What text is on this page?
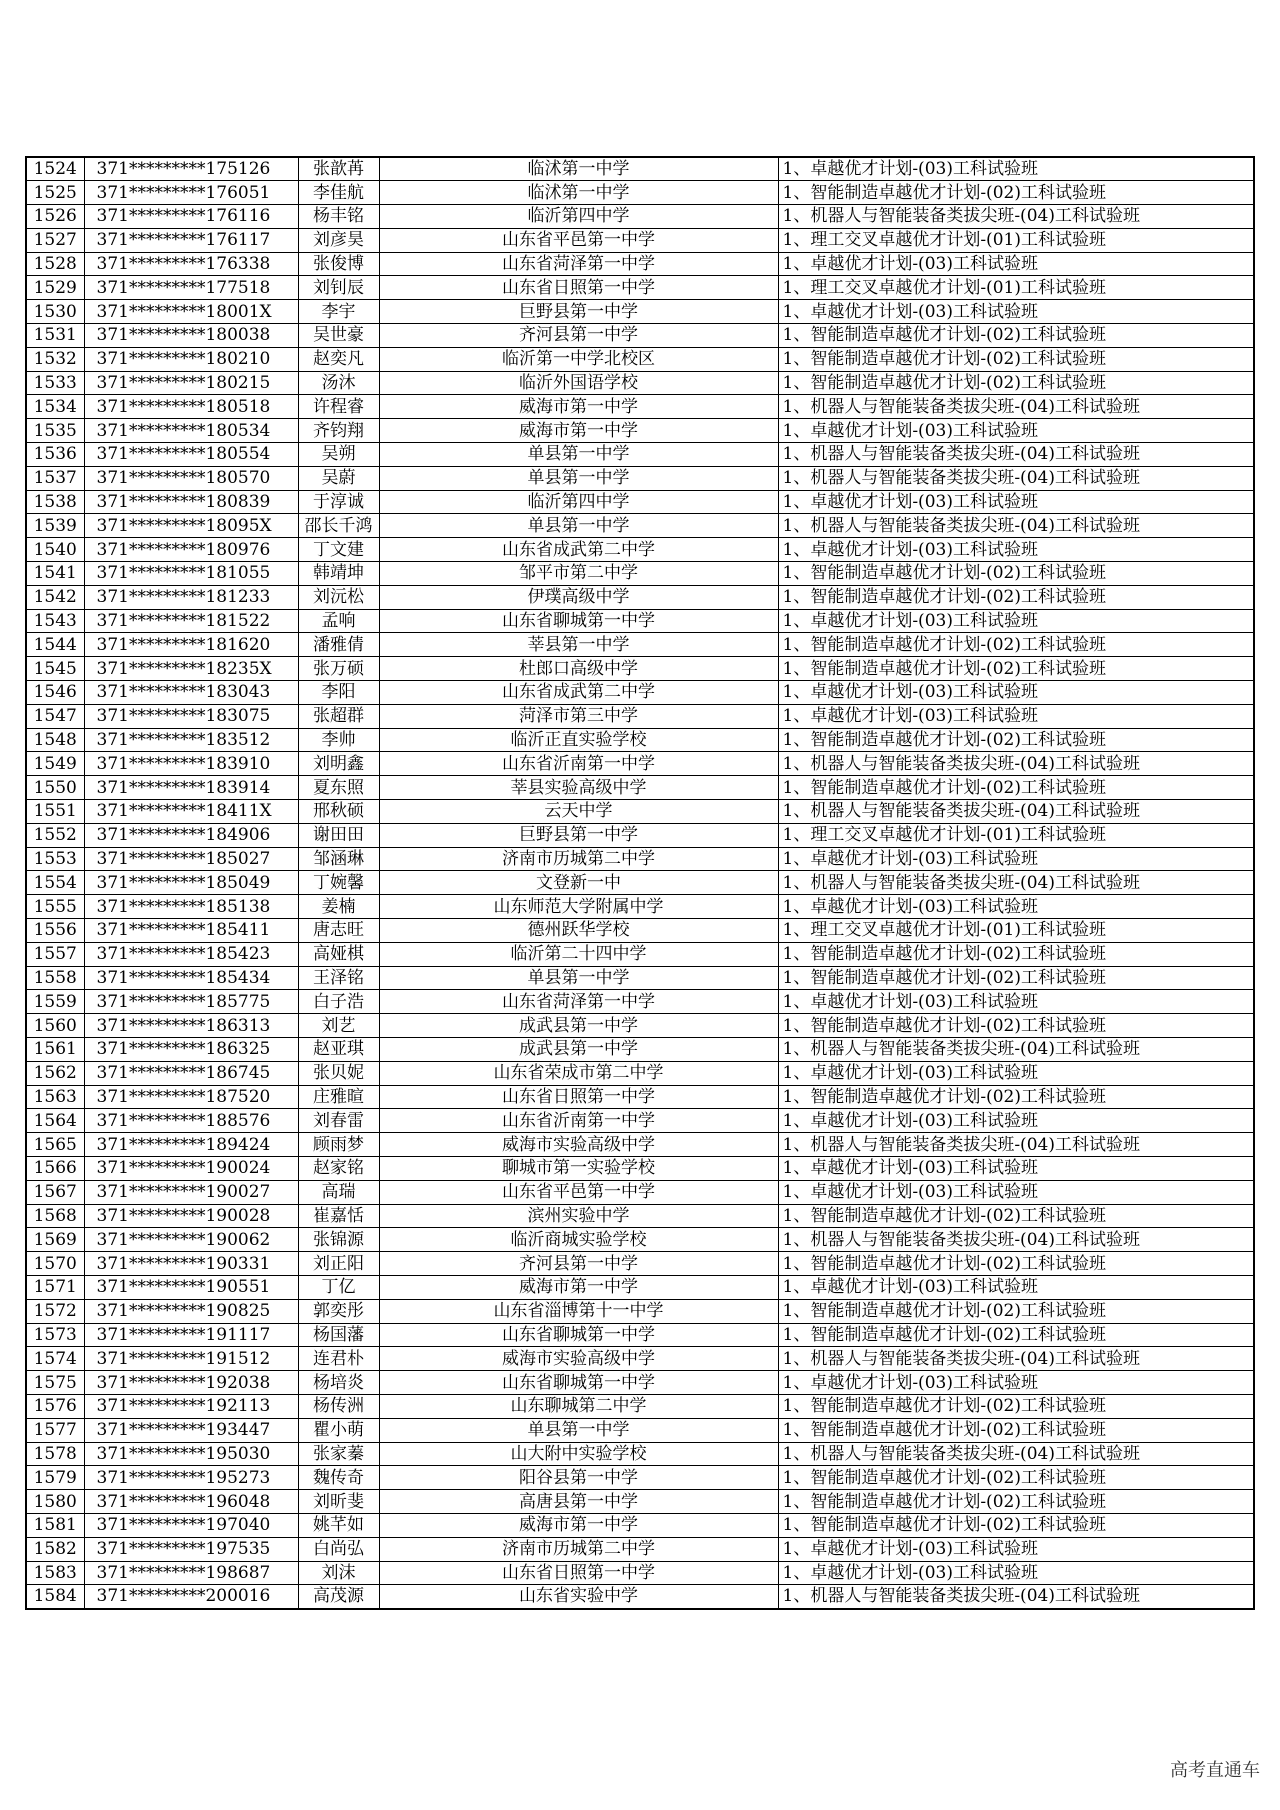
1524	371*********175126	张歆苒	临沭第一中学	1、卓越优才计划-(03)工科试验班
1525	371*********176051	李佳航	临沭第一中学	1、智能制造卓越优才计划-(02)工科试验班
1526	371*********176116	杨丰铭	临沂第四中学	1、机器人与智能装备类拔尖班-(04)工科试验班
1527	371*********176117	刘彦昊	山东省平邑第一中学	1、理工交叉卓越优才计划-(01)工科试验班
1528	371*********176338	张俊博	山东省菏泽第一中学	1、卓越优才计划-(03)工科试验班
1529	371*********177518	刘钊辰	山东省日照第一中学	1、理工交叉卓越优才计划-(01)工科试验班
1530	371*********18001X	李宇	巨野县第一中学	1、卓越优才计划-(03)工科试验班
1531	371*********180038	吴世豪	齐河县第一中学	1、智能制造卓越优才计划-(02)工科试验班
1532	371*********180210	赵奕凡	临沂第一中学北校区	1、智能制造卓越优才计划-(02)工科试验班
1533	371*********180215	汤沐	临沂外国语学校	1、智能制造卓越优才计划-(02)工科试验班
1534	371*********180518	许程睿	威海市第一中学	1、机器人与智能装备类拔尖班-(04)工科试验班
1535	371*********180534	齐钧翔	威海市第一中学	1、卓越优才计划-(03)工科试验班
1536	371*********180554	吴朔	单县第一中学	1、机器人与智能装备类拔尖班-(04)工科试验班
1537	371*********180570	吴蔚	单县第一中学	1、机器人与智能装备类拔尖班-(04)工科试验班
1538	371*********180839	于淳诚	临沂第四中学	1、卓越优才计划-(03)工科试验班
1539	371*********18095X	邵长千鸿	单县第一中学	1、机器人与智能装备类拔尖班-(04)工科试验班
1540	371*********180976	丁文建	山东省成武第二中学	1、卓越优才计划-(03)工科试验班
1541	371*********181055	韩靖坤	邹平市第二中学	1、智能制造卓越优才计划-(02)工科试验班
1542	371*********181233	刘沅松	伊璞高级中学	1、智能制造卓越优才计划-(02)工科试验班
1543	371*********181522	孟响	山东省聊城第一中学	1、卓越优才计划-(03)工科试验班
1544	371*********181620	潘雅倩	莘县第一中学	1、智能制造卓越优才计划-(02)工科试验班
1545	371*********18235X	张万硕	杜郎口高级中学	1、智能制造卓越优才计划-(02)工科试验班
1546	371*********183043	李阳	山东省成武第二中学	1、卓越优才计划-(03)工科试验班
1547	371*********183075	张超群	菏泽市第三中学	1、卓越优才计划-(03)工科试验班
1548	371*********183512	李帅	临沂正直实验学校	1、智能制造卓越优才计划-(02)工科试验班
1549	371*********183910	刘明鑫	山东省沂南第一中学	1、机器人与智能装备类拔尖班-(04)工科试验班
1550	371*********183914	夏东照	莘县实验高级中学	1、智能制造卓越优才计划-(02)工科试验班
1551	371*********18411X	邢秋硕	云天中学	1、机器人与智能装备类拔尖班-(04)工科试验班
1552	371*********184906	谢田田	巨野县第一中学	1、理工交叉卓越优才计划-(01)工科试验班
1553	371*********185027	邹涵琳	济南市历城第二中学	1、卓越优才计划-(03)工科试验班
1554	371*********185049	丁婉馨	文登新一中	1、机器人与智能装备类拔尖班-(04)工科试验班
1555	371*********185138	姜楠	山东师范大学附属中学	1、卓越优才计划-(03)工科试验班
1556	371*********185411	唐志旺	德州跃华学校	1、理工交叉卓越优才计划-(01)工科试验班
1557	371*********185423	高娅棋	临沂第二十四中学	1、智能制造卓越优才计划-(02)工科试验班
1558	371*********185434	王泽铭	单县第一中学	1、智能制造卓越优才计划-(02)工科试验班
1559	371*********185775	白子浩	山东省菏泽第一中学	1、卓越优才计划-(03)工科试验班
1560	371*********186313	刘艺	成武县第一中学	1、智能制造卓越优才计划-(02)工科试验班
1561	371*********186325	赵亚琪	成武县第一中学	1、机器人与智能装备类拔尖班-(04)工科试验班
1562	371*********186745	张贝妮	山东省荣成市第二中学	1、卓越优才计划-(03)工科试验班
1563	371*********187520	庄雅暄	山东省日照第一中学	1、智能制造卓越优才计划-(02)工科试验班
1564	371*********188576	刘春雷	山东省沂南第一中学	1、卓越优才计划-(03)工科试验班
1565	371*********189424	顾雨梦	威海市实验高级中学	1、机器人与智能装备类拔尖班-(04)工科试验班
1566	371*********190024	赵家铭	聊城市第一实验学校	1、卓越优才计划-(03)工科试验班
1567	371*********190027	高瑞	山东省平邑第一中学	1、卓越优才计划-(03)工科试验班
1568	371*********190028	崔嘉恬	滨州实验中学	1、智能制造卓越优才计划-(02)工科试验班
1569	371*********190062	张锦源	临沂商城实验学校	1、机器人与智能装备类拔尖班-(04)工科试验班
1570	371*********190331	刘正阳	齐河县第一中学	1、智能制造卓越优才计划-(02)工科试验班
1571	371*********190551	丁亿	威海市第一中学	1、卓越优才计划-(03)工科试验班
1572	371*********190825	郭奕彤	山东省淄博第十一中学	1、智能制造卓越优才计划-(02)工科试验班
1573	371*********191117	杨国藩	山东省聊城第一中学	1、智能制造卓越优才计划-(02)工科试验班
1574	371*********191512	连君朴	威海市实验高级中学	1、机器人与智能装备类拔尖班-(04)工科试验班
1575	371*********192038	杨培炎	山东省聊城第一中学	1、卓越优才计划-(03)工科试验班
1576	371*********192113	杨传洲	山东聊城第二中学	1、智能制造卓越优才计划-(02)工科试验班
1577	371*********193447	瞿小萌	单县第一中学	1、智能制造卓越优才计划-(02)工科试验班
1578	371*********195030	张家蓁	山大附中实验学校	1、机器人与智能装备类拔尖班-(04)工科试验班
1579	371*********195273	魏传奇	阳谷县第一中学	1、智能制造卓越优才计划-(02)工科试验班
1580	371*********196048	刘昕斐	高唐县第一中学	1、智能制造卓越优才计划-(02)工科试验班
1581	371*********197040	姚芊如	威海市第一中学	1、智能制造卓越优才计划-(02)工科试验班
1582	371*********197535	白尚弘	济南市历城第二中学	1、卓越优才计划-(03)工科试验班
1583	371*********198687	刘沫	山东省日照第一中学	1、卓越优才计划-(03)工科试验班
1584	371*********200016	高茂源	山东省实验中学	1、机器人与智能装备类拔尖班-(04)工科试验班
高考直通车
